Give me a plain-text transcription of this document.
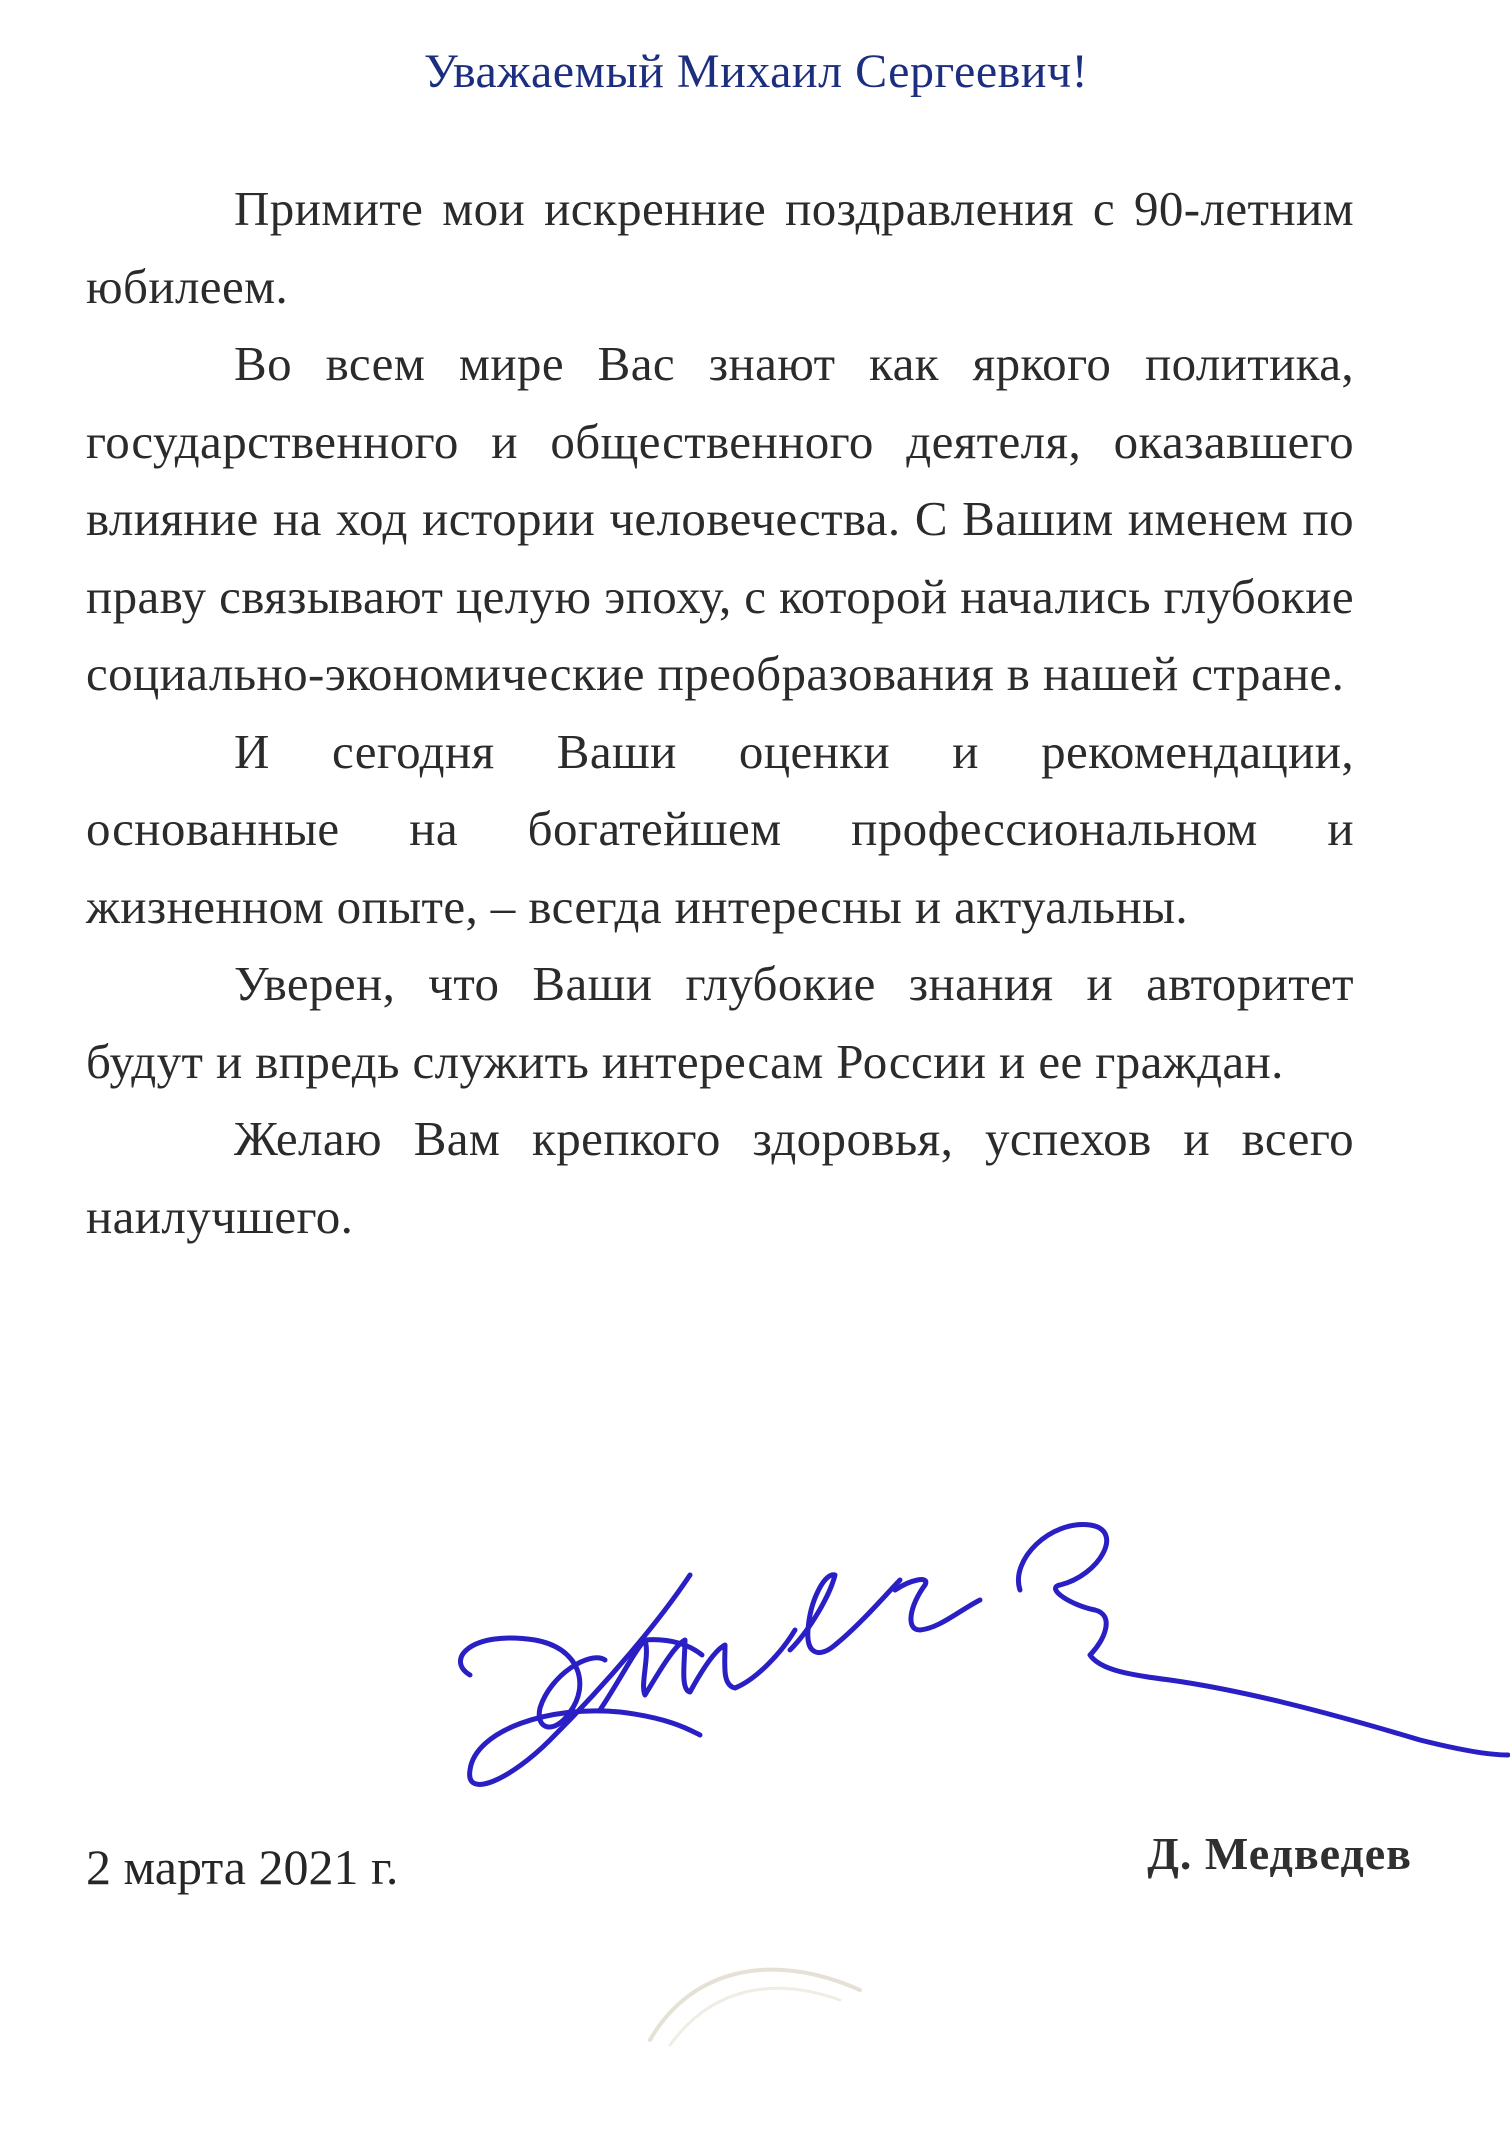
Уважаемый Михаил Сергеевич!

Примите мои искренние поздравления с 90-летним юбилеем.

Во всем мире Вас знают как яркого политика, государственного и общественного деятеля, оказавшего влияние на ход истории человечества. С Вашим именем по праву связывают целую эпоху, с которой начались глубокие социально-экономические преобразования в нашей стране.

И сегодня Ваши оценки и рекомендации, основанные на богатейшем профессиональном и жизненном опыте, – всегда интересны и актуальны.

Уверен, что Ваши глубокие знания и авторитет будут и впредь служить интересам России и ее граждан.

Желаю Вам крепкого здоровья, успехов и всего наилучшего.

2 марта 2021 г.	Д. Медведев
